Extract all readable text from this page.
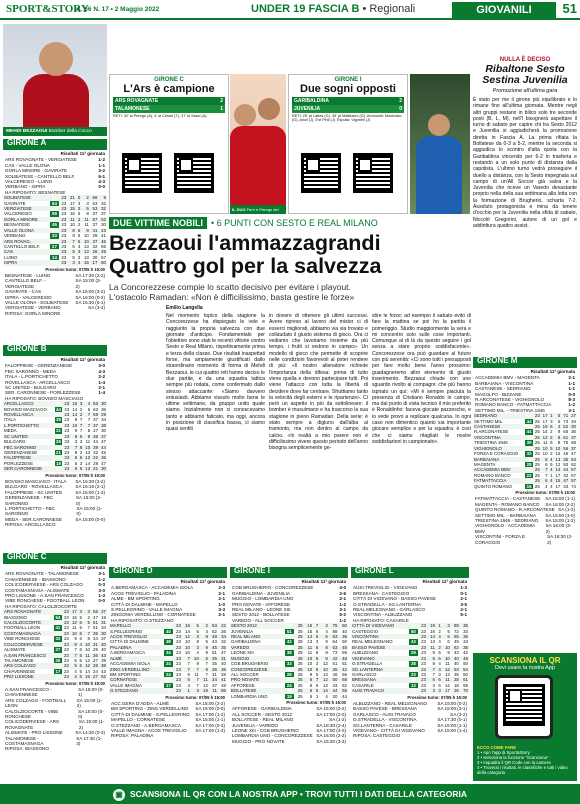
SPORT&STORY
A. 66 N. 17 • 2 Maggio 2022	UNDER 19 FASCIA B • Regionali	GIOVANILI	51
MEHDI BEZZAOUI Bomber della Cocco
GIRONE A
Risultati 11ª giornata
ARS ROVAGNATE - VERGIATESE	1-2
CAS - VALLE OLONA	1-1
GORLA MINORE - GAVIRATE	3-2
SOLBIATESE - CANTELLO BELF.	5-1
VALCERESIO - LUINO	4-3
VERBANO - ISPRA	0-0
HA RIPOSATO: BESNATESE
SOLBIATESE	34	23	21	0	2	66	9
GAVIRATE	64	23	17	3	3	63	32
VERGIATESE	44	23	15	3	5	53	32
VALCERESIO	59	23	16	5	8	37	37
GORLA MINORE	58	23	11	2	11	57	52
BESNATESE	45	23	10	2	11	37	30
VALLE OLONA	38	23	8	6	9	41	43
VERBANO	33	23	8	5	10	29	41
ARS ROVAG.	27	23	7	6	10	37	46
CANTELLO BELF.	27	23	6	3	13	32	65
CAS	25	23	5	3	13	26	49
LUINO	14	23	5	3	13	30	57
ISPRA	13	23	3	4	16	17	60
Prossimo turno: 07/05 h 15:00
BESNATESE - LUINO	SA 17:30 (2-2)
CANTELLO BELF. - VERGIATESE
SA 15:00 (3-2)
GAVIRATE - CAS	SA 15:00 (3-2)
ISPRA - VALCERESIO	SA 16:00 (0-2)
VALLE OLONA - SOLBIATESE SA 15:30 (5-1)
VERGIATESE - VERBANO	SA (3-4)
RIPOSA: GORLA MINORE
GIRONE B
Risultati 11ª giornata
FALOPPIESE - GERENZANESE	3-0
FBC SARONNO - MEDA	4-3
ITALA - L.PORTICHETTO	2-2
ROVELLASCA - ARCELLASCO	1-4
SC UNITED - BULGARO	2-1
SER. CARONNESE - PORLEZZESE	1-4
HA RIPOSATO: BOVISIO MASCIAGO
ARCELLASCO	51	23	16	3	4	63	30
BOVISIO MASCIAGO	44	23	14	2	6	63	36
ROVELLASCA	44	23	14	2	7	59	29
ITALA	38	23	9	7	7	37	34
L.PORTICHETTO	37	23	10	7	7	37	38
MEDA	31	23	9	7	8	27	30
SC UNITED	30	23	8	6	9	36	37
BULGARO	26	23	3	3	11	44	47
FBC SARONNO	24	23	7	8	10	39	44
GERENZANESE	21	23	8	2	13	32	45
FALOPPIESE	21	23	5	6	12	22	36
PORLEZZESE	18	23	5	3	14	28	47
SER.CARONNESE	20	23	5	5	13	21	30
Prossimo turno: 07/05 h 15:00
BOVISIO MASCIAGO - ITALA SA 15:30 (2-2)
BULGARO - ROVELLASCA	SA 16:15 (2-1)
FALOPPIESE - SC UNITED	SA 15:00 (1-3)
GERENZANESE - FBC SARONNO
SA 15:00 (2-0)
L.PORTICHETTO - FBC SARONNO
SA 15:00 (1-0)
MEDA - SER.CARONNESE	SA 15:00 (0-0)
RIPOSA: ARCELLASCO
GIRONE C
Risultati 11ª giornata
ARS ROVAGNATE - TALAMONESE	3-1
CHIAVENNESE - IBASSONO	1-2
COLICODERVIESE - ARS COLZAGO	0-3
COSTAMASNAGA - ALISMATE	3-0
PRO LISSONE - A.SAN FRANCESCO	1-3
VIBE RONCHESE - FOOTBALL LEON	0-0
HA RIPOSATO: CALOLZIOCORTE
ARS ROVAGNATE	54	23	17	3	3	65	27
IBASSONO	54	23	16	5	2	47	19
CALOLZIOCORTE	45	23	12	6	5	51	31
FOOTBALL LEON	41	23	11	5	7	51	34
COSTAMASNAGA	37	23	10	6	7	35	30
VIBE RONCHESE	33	23	9	6	8	34	37
COLICODERVIESE	31	23	9	4	10	31	40
ALISMATE	27	23	7	6	10	25	40
A.SAN FRANCESCO	26	23	7	5	11	36	43
TALAMONESE	25	23	5	5	12	27	39
ARS COLZAGO	21	23	5	6	12	28	38
CHIAVENNESE	17	23	4	5	14	24	43
PRO LISSONE	14	23	3	5	15	27	52
Prossimo turno: 07/05 h 15:00
A.SAN FRANCESCO - CHIAVENNESE
SA 15:00 (0-1)
ARS COLZAGO - FOOTBALL LEON
SA 15:00 (1-2)
CALOLZIOCORTE - VIBE RONCHESE
SA 15:00 (0-0)
COLICODERVIESE - ARS ROVAGNATE
SA 15:00 (1-2)
ALISMATE - PRO LISSONE	SA 14:30 (0-3)
TALAMONESE - COSTAMASNAGA
SA 17:30 (1-3)
RIPOSA: IBASSONO
GIRONE D
Risultati 11ª giornata
A.BERGAMASCA - ACCADEMIA ISOLA	2-3
ACOS TREVIGLIO - PALADINA	2-1
ALME - BM SPORTING	2-1
CITTÀ DI DALMINE - MAPELLO	1-0
S.PELLEGRINO - VALLE IMAGNA	3-3
ZINGONIA VERDELLINO - CORNATESE	2-1
HA RIPOSATO: O.STEZZANO
MAPELLO	58	23	16	5	2	53	22
S.PELLEGRINO	40	23	14	5	4	52	26
ACOS TREVIGLIO	39	23	12	3	8	48	34
CITTÀ DI DALMINE	38	23	10	8	5	43	32
PALADINA	34	23	10	3	9	45	35
A.BERGAMASCA	34	23	10	4	9	51	47
ALMÈ	31	23	7	10	6	35	31
ACCADEMIA ISOLA	24	23	7	9	7	35	40
ZING.VERDELLINO	24	23	7	7	9	36	36
BM SPORTING	24	23	5	11	7	31	28
CORNATESE	24	23	6	7	11	34	41
VALLE IMAGNA	17	23	4	7	12	37	48
O.STEZZANO	8	23	1	3	19	11	86
Prossimo turno: 07/05 h 15:00
ACC.GERA D'ADDA - ALMÈ	SA 15:00 (2-2)
BM SPORTING - ZING.VERDELLINO SA 15:00 (0-0)
CITTÀ DI DALMINE - S.PELLEGRINO SA 17:00 (1-2)
MAPELLO - CORNATESE	SA 15:00 (1-1)
O.STEZZANO - A.BERGAMASCA	SA 17:00 (0-3)
VALLE IMAGNA - ACOS TREVIGLIO SA 17:00 (1-4)
RIPOSA: PALADINA
GIRONE I
Risultati 11ª giornata
CGB BRUGHERIO - CONCOREZZESE	4-0
GARIBALDINA - JUVENILIA	2-6
MUGGIO - LOMBARDIA UNO	2-1
PRO NOVATE - AFFORESE	1-2
REAL MILANO - LEONE XIII	3-1
SESTO 2012 - BOLLATESE	5-2
VAREDO - ALL SOCCER	1-2
SESTO 2012	53	25	15	7	3	75	50
JUVENILIA	51	25	15	6	4	88	40
REAL MILANO	47	25	14	5	6	63	36
GARIBALDINA	42	25	13	3	9	64	50
VAREDO	38	25	11	6	8	53	48
LEONE XIII	38	25	11	6	8	73	69
MUGGIO	34	25	10	6	9	42	48
CGB BRUGHERIO	33	25	10	3	12	51	51
CONCOREZZESE	30	25	10	5	10	35	42
ALL SOCCER	28	25	9	5	13	46	56
PRO NOVATE	27	25	6	7	12	50	68
AFFORESE	24	25	6	6	13	43	62
BOLLATESE	23	25	6	5	14	44	56
LOMBARDIA UNO	19	25	5	1	4	20	44
Prossimo turno: 07/05 h 15:00
AFFORESE - GARIBALDINA	SA 15:00 (0-2)
ALL SOCCER - SESTO 2012	SA 17:00 (2-0)
BOLLATESE - REAL MILANO	SA (1-2)
JUVENILIA - VAREDO	SA 18:30 (2-4)
LEONE XIII - CGB BRUGHERIO	SA 17:00 (4-0)
LOMBARDIA UNO - CONCOREZZESE SA 16:00 (2-2)
MUGGIO - PRO NOVATE	SA 15:30 (3-3)
GIRONE L
Risultati 11ª giornata
AUSI.TREVIGLIO - VIGEVANO	1-3
BRESSANA - CASTEGGIO	0-1
CITTÀ DI VIGEVANO - BASSO PAVESE	2-1
O.STRADELLA - SG.LANTERNA	3-5
REAL MELEGNANO - GARLASCO	2-1
VISCONTINA - ALBUZZANO	5-1
HA RIPOSATO: CASARILE
CITTÀ DI VIGEVANO	60	23	19	1	3	89	35
CASTEGGIO	50	23	16	2	5	72	33
VISCONTINA	44	23	14	4	5	55	36
REAL MELEGNANO	43	23	13	4	6	49	34
BASSO PAVESE	33	23	11	2	10	62	35
ALBUZZANO	29	23	9	5	9	43	42
VIGEVANO	26	23	8	5	10	40	48
O.STRADELLA	28	23	8	4	11	40	50
SG.LANTERNA	21	23	7	4	12	53	54
GARLASCO	23	23	7	3	13	35	50
BRESSANA	20	23	5	6	11	28	61
CASARILE	13	23	3	6	14	18	59
AUSI.TRAVACO	11	23	3	3	17	26	70
Prossimo turno: 07/05 h 15:00
ALBUZZANO - REAL MELEGNANO SA 15:00 (0-2)
BASSO PAVESE - BRESSANA	SA 15:00 (3-1)
GARLASCO - AUSI.TRAVACO	SA (3-2)
O.STRADELLA - VISCONTINA	SA 17:30 (0-1)
SG.LANTERNA - CASARILE	SA 15:00 (1-1)
VIGEVANO - CITTÀ DI VIGEVANO	SA 15:00 (1-4)
RIPOSA: CASTEGGIO
GIRONE M
Risultati 11ª giornata
ACCADEMIA BMV - MAGENTA	2-1
BARBAIANA - VISCONTINA	1-1
CASTANESE - SEDRIANO	1-1
MAGOLFO - BIZZANE	0-0
R.ARCONATESE - VIGHIGNOLO	8-3
ROMANO BANCO - FATMATTACCIA	1-2
SETTIMO MIL. - TRIESTINA 1946	3-1
SEDRIANO	55	23	17	1	5	71	27
SETTIMO MIL.	44	25	17	3	5	73	34
CASTANESE	48	25	15	6	4	52	30
R.ARCONATESE	44	25	14	2	9	66	36
VISCONTINA	38	25	12	2	8	61	37
TRIESTINA 1946	39	25	11	6	8	75	68
VIGHIGNOLO	35	25	10	5	10	56	37
FORZA E CORAGGIO	32	25	10	2	13	45	47
BARBAIANA	28	25	8	4	13	35	54
MAGENTA	28	25	8	5	12	50	62
ACCADEMIA BMV	28	25	7	4	14	44	57
ROMANO BANCO	22	25	7	1	17	32	67
FATMATTACCIA	22	25	6	4	15	47	57
QUINTO ROMANO	16	25	4	4	17	33	74
Prossimo turno: 07/05 h 15:00
FATMATTACCIA - CASTANESE SA 15:00 (1-1)
MAGENTA - ROMANO BANCO SA 16:00 (2-2)
QUINTO ROMANO - R.ARCONATESE SA (1-3)
SETTIMO MIL. - BARBAIANA SA 15:00 (3-0)
TRIESTINA 1946 - SEDRIANO SA 15:00 (1-2)
VIGHIGNOLO - ACCADEMIA BMV
SA 16:00 (3-2)
VISCONTINI - FORZA E CORAGGIO
SA 18:30 (2-2)
GIRONE C
L'Ars è campione
ARS ROVAGNATE	2
TALAMONESE	1
RETI: 32' st Perego (A), 4' st Cesari (T), 37' st Sassi (A).
IL DUO Ferri e Perego del Rovagnate
GIRONE I
Due sogni opposti
GARIBALDINA	2
JUVENILIA	0
RETI: 25' pt Lattes (G), 35' pt Mattiuzzo (G). Ammoniti: Montrasio (G), Arioli (J), 5'st Pelli (J). Espulsi: Vigorelli (J)
DUE VITTIME NOBILI • 6 PUNTI CON SESTO E REAL MILANO
Bezzaoui l'ammazzagrandi
Quattro gol per la salvezza
La Concorezzese compie lo scatto decisivo per evitare i playout.
L'ostacolo Ramadan: «Non è difficilissimo, basta gestire le forze»
Emilio Langella
Nel momento topico della stagione la Concorezzese ha dispiegato le vele e raggiunto la propria salvezza con due giornate d'anticipo. Fondamentale per l'obiettivo sono stati le recenti vittorie contro Sesto e Real Milano, rispettivamente prima e terza della classe. Due risultati inaspettati forse, ma ampiamente giustificati dallo straordinario momento di forma di Mehdi Bezzaoui, le cui quattro reti hanno deciso le due partite, e da una squadra tattica sempre più rodata, come confermato dallo stesso attaccante: «Siamo davvero entusiasti. Abbiamo vissuto molto bene le ultime settimane, da gruppo unito quale siamo. Inizialmente non ci conoscevamo tanto e abbiamo faticato, ma oggi, ancora in posizione di classifica bassa, ci siamo quasi sentiti
in dovere di ottenere gli ultimi successi. Avere ripreso al lavoro del mister ci di esserci migliorati, abbiamo via via trovato e collaudato il giusto sistema di gioco. Ora ci vediamo che lavoriamo insieme da più tempo, i frutti si vedono in campo». Un modello di gioco che permette di scoprire nelle condizioni favorevoli al poter rendere di più: «Il nostro allenatore richiede l'importanza della difesa: prima di tutto viene quella e devono partecipare tutti. Poi viene l'attacco con tutta la libertà di decidere dove far centrare. Sfruttiamo tanto la velocità degli esterni e le ripartenze». Ci però un aspetto in più da sottolineare: il bomber è musulmano e ha trascorso la sua stagione in pieno Ramadan. Della serie: è stato sempre a digiuno dall'alba al tramonto, ma non dentro al campo da calcio. «In realtà a mio parere non è difficilissimo vivere questo periodo dell'anno bisogna semplicemente ge-
stire le forze; ad esempio il sabato evito di fare la mattina se poi ho la partita il pomeriggio. Studio maggiormente la sera e mi concentro solo sulle cose importanti. Comunque al di là da questo seguire i gol senza a stare proprio soddisfacente». Concorezzese ora può guardare al futuro con più serenità: «Ci sono tutti i presupposti per fare molto bene l'anno prossimo: guadagneremo altro elemento di giusto inserimento. Bezzaoui chiude con uno sguardo rivolto ai compagni: che più hanno ispirato un qui: «Mi è sempre piaciuta la presenza di Cristiano Ronaldo in campo, ma dal punto di vista tecnico il mio preferito è Ronaldinho: faceva giocate pazzesche, e io vede provo a replicare qualcuna. In ogni caso non dimentico quanto sia importante giocare semplice e per la squadra: è così che ci siamo ritagliati le nostre soddisfazioni in campionato».
NULLA È DECISO
Ribaltone Sesto
Sestina Juvenilia
Promozione all'ultima gara

È stato per me il girone più equilibrato e lo rimane fino all'ultima giornata. Mentre negli altri gruppi restano in bilico solo tre seconde posti (B, L, M), nell'I bisognerà aspettare il turno di sabato per capire chi tra Sesto 2012 e Juvenilia si aggiudicherà la promozione diretta in Fascia A. La prima rifiata la Bollatese da 0-3 a 5-2, mentre la seconda si aggiudica lo scontro d'alta quota con la Garibaldina vincendo per 6-2 in trasferta e restando a un solo punto di distanza dalla capolista. L'ultimo turno vedrà proseguire il duello a distanza, con la Sesto impegnata sul campo di un'All Soccer già salva e la Juvenilia che riceve un Varedo devastante proprio nella della sua settimana alla lotta con la formazione di Brugherio, scharta 7-2. Assoluto protagonista e mina da tenere d'occhio per la Juvenilia nella sfida di sabato, Niccolò Gregorini, autore di un gol e addirittura quattro assist.

SCANSIONA IL QR
Devi usare la nostra App
ECCO COME FARE
1 • Apri l'app di Sport&Story
2 • Seleziona la funzione "Scansiona"
3 • Inquadra il QR Code con la camera
4 • Troverai i risultati, le classifiche e tutti i video della categoria
▣ SCANSIONA IL QR CON LA NOSTRA APP • TROVI TUTTI I DATI DELLA CATEGORIA
